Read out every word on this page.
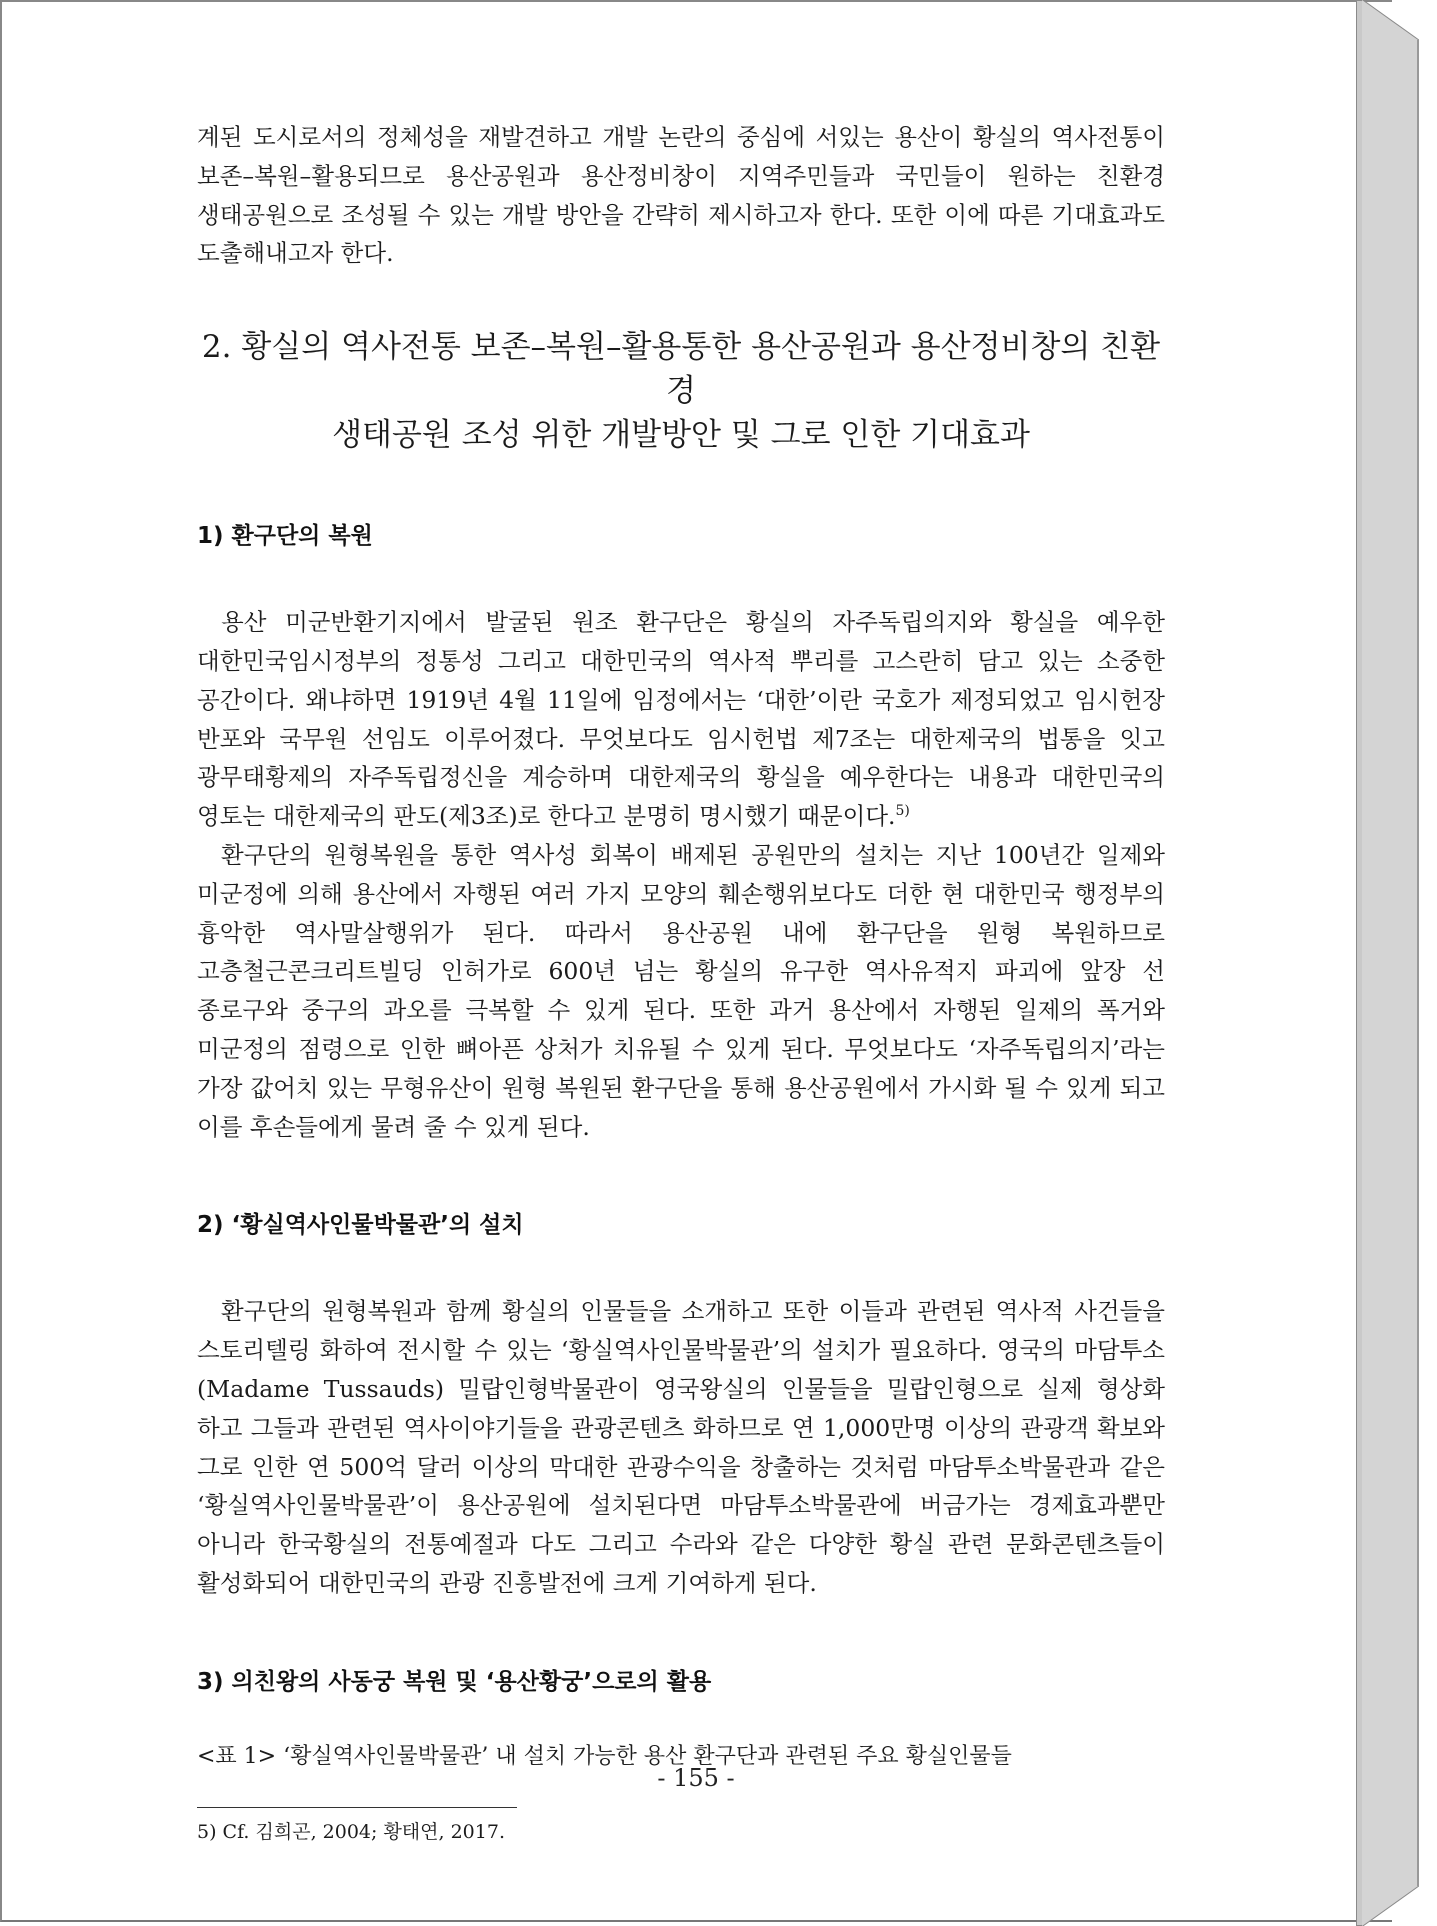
계된 도시로서의 정체성을 재발견하고 개발 논란의 중심에 서있는 용산이 황실의 역사전통이 보존–복원–활용되므로 용산공원과 용산정비창이 지역주민들과 국민들이 원하는 친환경 생태공원으로 조성될 수 있는 개발 방안을 간략히 제시하고자 한다. 또한 이에 따른 기대효과도 도출해내고자 한다.

2. 황실의 역사전통 보존–복원–활용통한 용산공원과 용산정비창의 친환경
생태공원 조성 위한 개발방안 및 그로 인한 기대효과
1) 환구단의 복원

용산 미군반환기지에서 발굴된 원조 환구단은 황실의 자주독립의지와 황실을 예우한 대한민국임시정부의 정통성 그리고 대한민국의 역사적 뿌리를 고스란히 담고 있는 소중한 공간이다. 왜냐하면 1919년 4월 11일에 임정에서는 ‘대한’이란 국호가 제정되었고 임시헌장 반포와 국무원 선임도 이루어졌다. 무엇보다도 임시헌법 제7조는 대한제국의 법통을 잇고 광무태황제의 자주독립정신을 계승하며 대한제국의 황실을 예우한다는 내용과 대한민국의 영토는 대한제국의 판도(제3조)로 한다고 분명히 명시했기 때문이다.$^{5)}$

환구단의 원형복원을 통한 역사성 회복이 배제된 공원만의 설치는 지난 100년간 일제와 미군정에 의해 용산에서 자행된 여러 가지 모양의 훼손행위보다도 더한 현 대한민국 행정부의 흉악한 역사말살행위가 된다. 따라서 용산공원 내에 환구단을 원형 복원하므로 고층철근콘크리트빌딩 인허가로 600년 넘는 황실의 유구한 역사유적지 파괴에 앞장 선 종로구와 중구의 과오를 극복할 수 있게 된다. 또한 과거 용산에서 자행된 일제의 폭거와 미군정의 점령으로 인한 뼈아픈 상처가 치유될 수 있게 된다. 무엇보다도 ‘자주독립의지’라는 가장 값어치 있는 무형유산이 원형 복원된 환구단을 통해 용산공원에서 가시화 될 수 있게 되고 이를 후손들에게 물려 줄 수 있게 된다.

2) ‘황실역사인물박물관’의 설치

환구단의 원형복원과 함께 황실의 인물들을 소개하고 또한 이들과 관련된 역사적 사건들을 스토리텔링 화하여 전시할 수 있는 ‘황실역사인물박물관’의 설치가 필요하다. 영국의 마담투소(Madame Tussauds) 밀랍인형박물관이 영국왕실의 인물들을 밀랍인형으로 실제 형상화 하고 그들과 관련된 역사이야기들을 관광콘텐츠 화하므로 연 1,000만명 이상의 관광객 확보와 그로 인한 연 500억 달러 이상의 막대한 관광수익을 창출하는 것처럼 마담투소박물관과 같은 ‘황실역사인물박물관’이 용산공원에 설치된다면 마담투소박물관에 버금가는 경제효과뿐만 아니라 한국황실의 전통예절과 다도 그리고 수라와 같은 다양한 황실 관련 문화콘텐츠들이 활성화되어 대한민국의 관광 진흥발전에 크게 기여하게 된다.

3) 의친왕의 사동궁 복원 및 ‘용산황궁’으로의 활용

<표 1> ‘황실역사인물박물관’ 내 설치 가능한 용산 환구단과 관련된 주요 황실인물들

5) Cf. 김희곤, 2004; 황태연, 2017.

- 155 -
